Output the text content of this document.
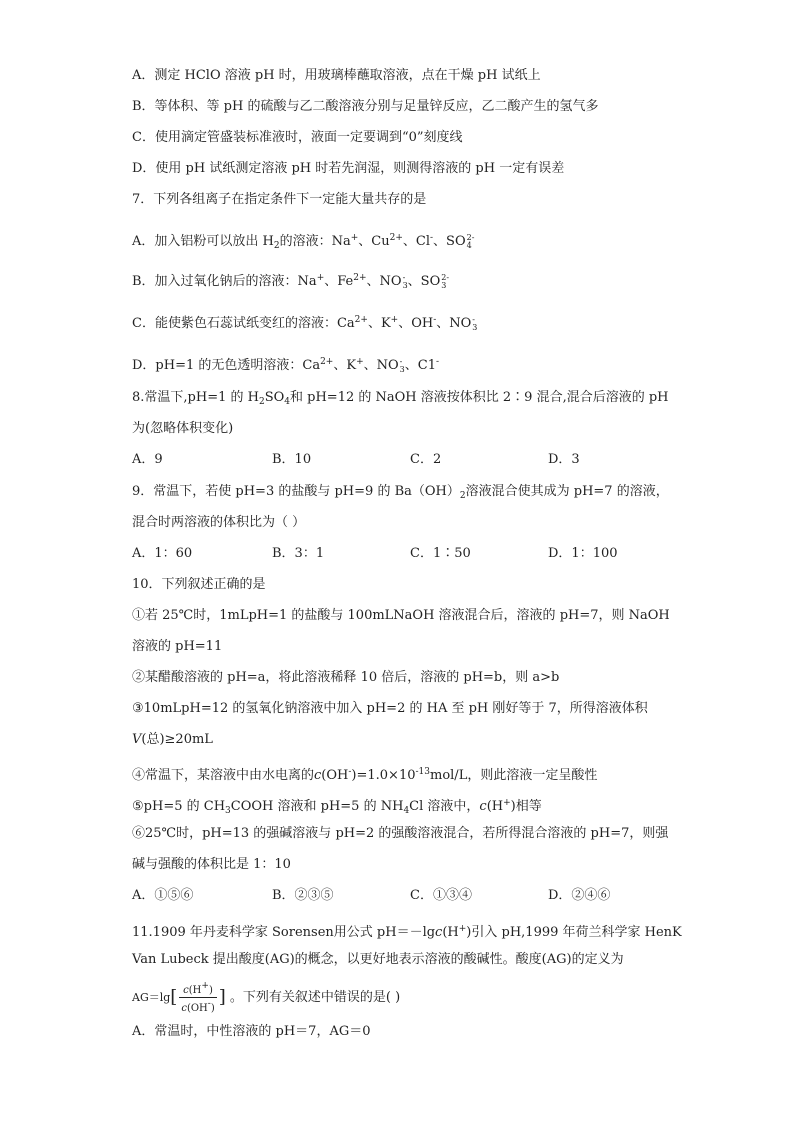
A．测定 HClO 溶液 pH 时，用玻璃棒蘸取溶液，点在干燥 pH 试纸上
B．等体积、等 pH 的硫酸与乙二酸溶液分别与足量锌反应，乙二酸产生的氢气多
C．使用滴定管盛装标准液时，液面一定要调到“0”刻度线
D．使用 pH 试纸测定溶液 pH 时若先润湿，则测得溶液的 pH 一定有误差
7．下列各组离子在指定条件下一定能大量共存的是
A．加入铝粉可以放出 $H_2$的溶液：Na+、$Cu^{2+}$、Cl-、SO 2-
4
B．加入过氧化钠后的溶液：Na+、$Fe^{2+}$、NO -
3 、SO 2-
3
C．能使紫色石蕊试纸变红的溶液：$Ca^{2+}$、K+、OH-、NO -
3
D．pH=1 的无色透明溶液：$Ca^{2+}$、K+、NO -
3 、C1-
8.常温下,pH=1 的 $H_2SO_4$和 pH=12 的 NaOH 溶液按体积比 2∶9 混合,混合后溶液的 pH
为(忽略体积变化)
A．9	B．10	C．2	D．3
9．常温下，若使 pH=3 的盐酸与 pH=9 的 $Ba(OH)_2$溶液混合使其成为 pH=7 的溶液，
混合时两溶液的体积比为（ ）
A．1：60	B．3：1	C．1∶50	D．1：100
10．下列叙述正确的是
①若 25℃时，1mLpH=1 的盐酸与 100mLNaOH 溶液混合后，溶液的 pH=7，则 NaOH
溶液的 pH=11
②某醋酸溶液的 pH=a，将此溶液稀释 10 倍后，溶液的 pH=b，则 a>b
③10mLpH=12 的氢氧化钠溶液中加入 pH=2 的 HA 至 pH 刚好等于 7，所得溶液体积
V(总)≥20mL
④常温下，某溶液中由水电离的$c(OH^-)=1.0\times 10^{-13}mol/L$，则此溶液一定呈酸性
⑤pH=5 的 $CH_3COOH$ 溶液和 pH=5 的 $NH_4Cl$ 溶液中，c(H+)相等
⑥25℃时，pH=13 的强碱溶液与 pH=2 的强酸溶液混合，若所得混合溶液的 pH=7，则强
碱与强酸的体积比是 1：10
A．①⑤⑥	B．②③⑤	C．①③④	D．②④⑥
11.1909 年丹麦科学家 Sorensen用公式 pH＝－lgc(H+)引入 pH,1999 年荷兰科学家 HenK
Van Lubeck 提出酸度(AG)的概念，以更好地表示溶液的酸碱性。酸度(AG)的定义为
$AG=\lg[ \frac{c(H^+)}{c(OH^-)}$ ] 。下列有关叙述中错误的是( )
A．常温时，中性溶液的 pH＝7，AG＝0
